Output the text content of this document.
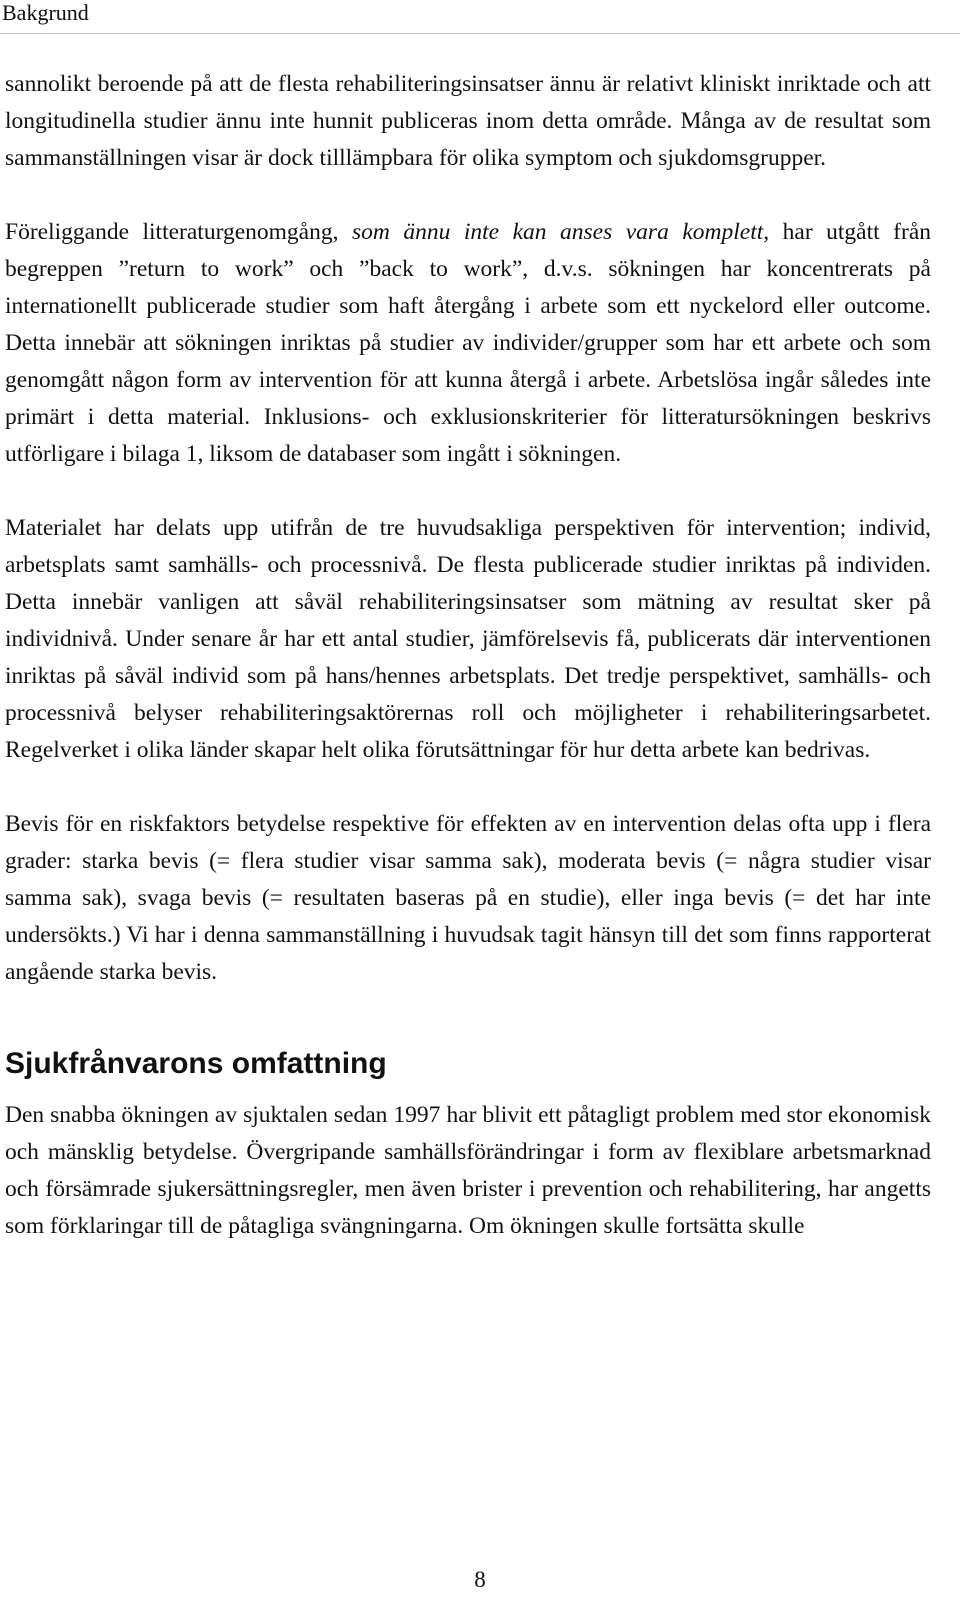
Bakgrund

sannolikt beroende på att de flesta rehabiliteringsinsatser ännu är relativt kliniskt inriktade och att longitudinella studier ännu inte hunnit publiceras inom detta område. Många av de resultat som sammanställningen visar är dock tilllämpbara för olika symptom och sjukdomsgrupper.

Föreliggande litteraturgenomgång, som ännu inte kan anses vara komplett, har utgått från begreppen ”return to work” och ”back to work”, d.v.s. sökningen har koncentrerats på internationellt publicerade studier som haft återgång i arbete som ett nyckelord eller outcome. Detta innebär att sökningen inriktas på studier av individer/grupper som har ett arbete och som genomgått någon form av intervention för att kunna återgå i arbete. Arbetslösa ingår således inte primärt i detta material. Inklusions- och exklusionskriterier för litteratursökningen beskrivs utförligare i bilaga 1, liksom de databaser som ingått i sökningen.

Materialet har delats upp utifrån de tre huvudsakliga perspektiven för intervention; individ, arbetsplats samt samhälls- och processnivå. De flesta publicerade studier inriktas på individen. Detta innebär vanligen att såväl rehabiliteringsinsatser som mätning av resultat sker på individnivå. Under senare år har ett antal studier, jämförelsevis få, publicerats där interventionen inriktas på såväl individ som på hans/hennes arbetsplats. Det tredje perspektivet, samhälls- och processnivå belyser rehabiliteringsaktörernas roll och möjligheter i rehabiliteringsarbetet. Regelverket i olika länder skapar helt olika förutsättningar för hur detta arbete kan bedrivas.

Bevis för en riskfaktors betydelse respektive för effekten av en intervention delas ofta upp i flera grader: starka bevis (= flera studier visar samma sak), moderata bevis (= några studier visar samma sak), svaga bevis (= resultaten baseras på en studie), eller inga bevis (= det har inte undersökts.) Vi har i denna sammanställning i huvudsak tagit hänsyn till det som finns rapporterat angående starka bevis.

Sjukfrånvarons omfattning

Den snabba ökningen av sjuktalen sedan 1997 har blivit ett påtagligt problem med stor ekonomisk och mänsklig betydelse. Övergripande samhällsförändringar i form av flexiblare arbetsmarknad och försämrade sjukersättningsregler, men även brister i prevention och rehabilitering, har angetts som förklaringar till de påtagliga svängningarna. Om ökningen skulle fortsätta skulle

8
